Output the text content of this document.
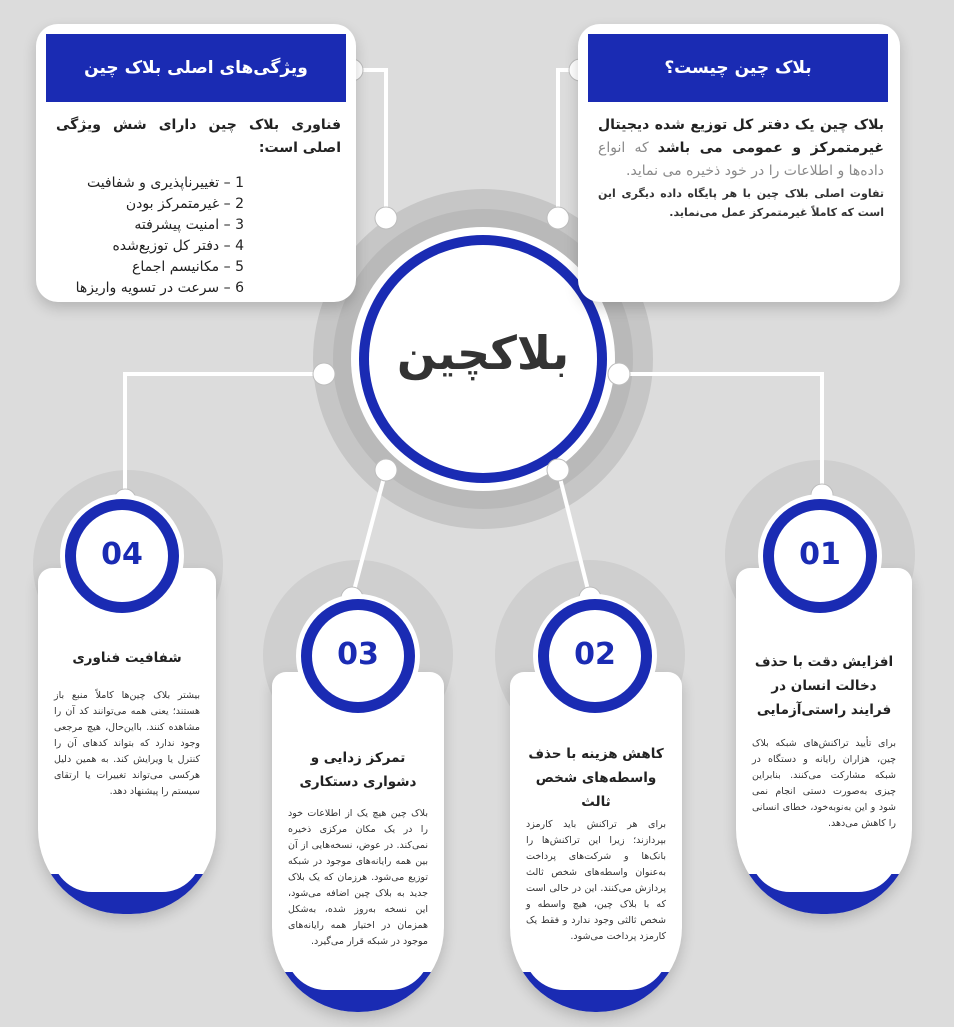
بلاکچین
بلاک چین چیست؟
بلاک چین یک دفتر کل توزیع شده دیجیتال غیرمتمرکز و عمومی می باشد که انواع داده‌ها و اطلاعات را در خود ذخیره می نماید.
تفاوت اصلی بلاک چین با هر پایگاه داده دیگری این است که کاملاً غیرمتمرکز عمل می‌نماید.
ویژگی‌های اصلی بلاک چین
فناوری بلاک چین دارای شش ویژگی اصلی است:
1 – تغییرناپذیری و شفافیت
2 – غیرمتمرکز بودن
3 – امنیت پیشرفته
4 – دفتر کل توزیع‌شده
5 – مکانیسم اجماع
6 – سرعت در تسویه واریزها
شفافیت فناوری
بیشتر بلاک چین‌ها کاملاً منبع باز هستند؛ یعنی همه می‌توانند کد آن را مشاهده کنند. بااین‌حال، هیچ مرجعی وجود ندارد که بتواند کدهای آن را کنترل یا ویرایش کند. به همین دلیل هرکسی می‌تواند تغییرات یا ارتقای سیستم را پیشنهاد دهد.
تمرکز زدایی و دشواری دستکاری
بلاک چین هیچ یک از اطلاعات خود را در یک مکان مرکزی ذخیره نمی‌کند. در عوض، نسخه‌هایی از آن بین همه رایانه‌های موجود در شبکه توزیع می‌شود. هرزمان که یک بلاک جدید به بلاک چین اضافه می‌شود، این نسخه به‌روز شده، به‌شکل همزمان در اختیار همه رایانه‌های موجود در شبکه قرار می‌گیرد.
کاهش هزینه با حذف واسطه‌های شخص ثالث
برای هر تراکنش باید کارمزد بپردازند؛ زیرا این تراکنش‌ها را بانک‌ها و شرکت‌های پرداخت به‌عنوان واسطه‌های شخص ثالث پردازش می‌کنند. این در حالی است که با بلاک چین، هیچ واسطه و شخص ثالثی وجود ندارد و فقط یک کارمزد پرداخت می‌شود.
افزایش دقت با حذف دخالت انسان در فرایند راستی‌آزمایی
برای تأیید تراکنش‌های شبکه بلاک چین، هزاران رایانه و دستگاه در شبکه مشارکت می‌کنند. بنابراین چیزی به‌صورت دستی انجام نمی شود و این به‌نوبه‌خود، خطای انسانی را کاهش می‌دهد.
04
03	02
01
